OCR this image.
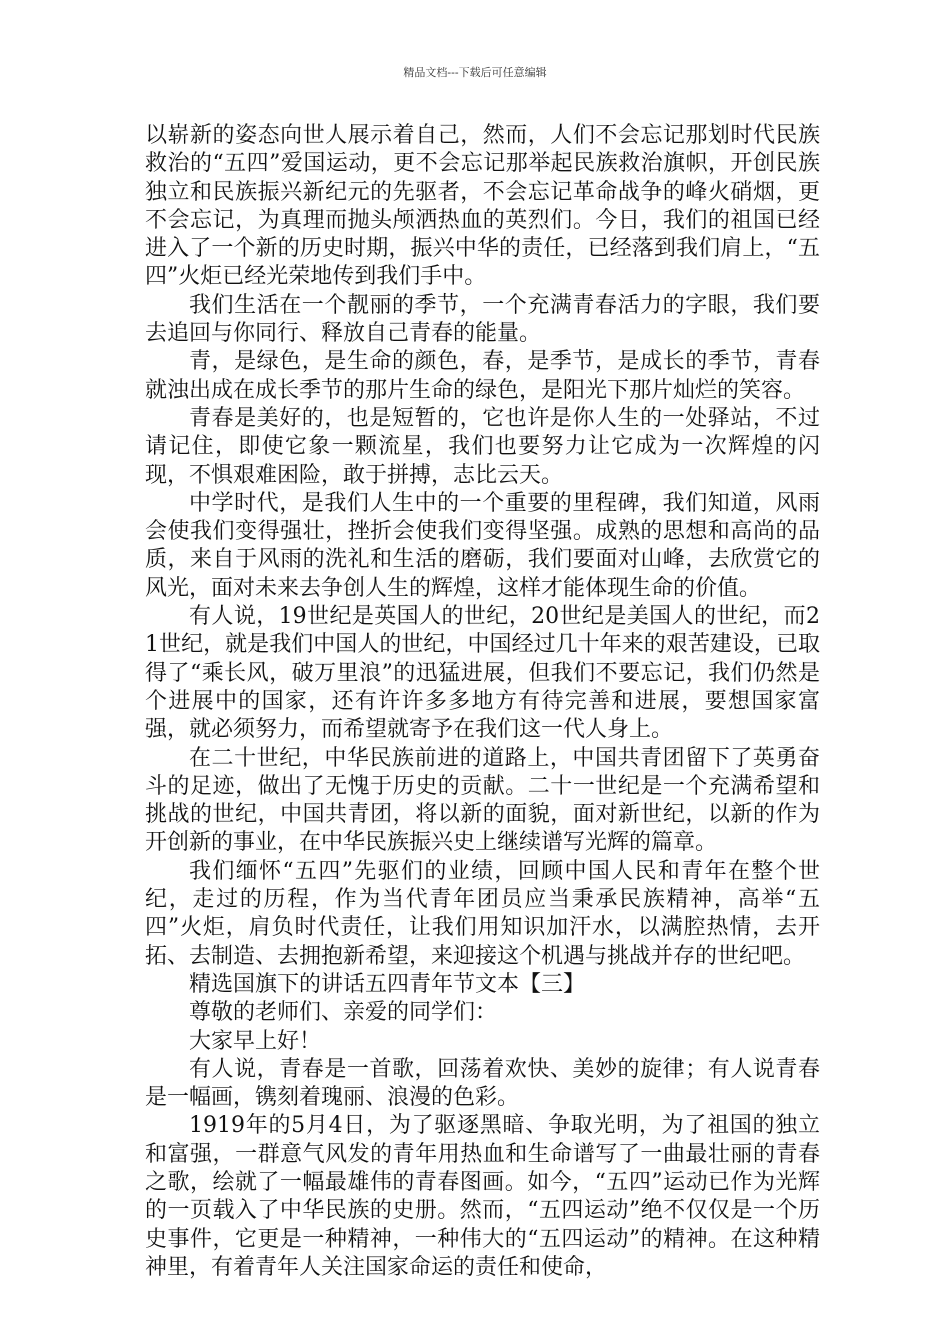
精品文档---下载后可任意编辑

以崭新的姿态向世人展示着自己，然而，人们不会忘记那划时代民族救治的“五四”爱国运动，更不会忘记那举起民族救治旗帜，开创民族独立和民族振兴新纪元的先驱者，不会忘记革命战争的峰火硝烟，更不会忘记，为真理而抛头颅洒热血的英烈们。今日，我们的祖国已经进入了一个新的历史时期，振兴中华的责任，已经落到我们肩上，“五四”火炬已经光荣地传到我们手中。

我们生活在一个靓丽的季节，一个充满青春活力的字眼，我们要去追回与你同行、释放自己青春的能量。

青，是绿色，是生命的颜色，春，是季节，是成长的季节，青春就浊出成在成长季节的那片生命的绿色，是阳光下那片灿烂的笑容。

青春是美好的，也是短暂的，它也许是你人生的一处驿站，不过请记住，即使它象一颗流星，我们也要努力让它成为一次辉煌的闪现，不惧艰难困险，敢于拼搏，志比云天。

中学时代，是我们人生中的一个重要的里程碑，我们知道，风雨会使我们变得强壮，挫折会使我们变得坚强。成熟的思想和高尚的品质，来自于风雨的洗礼和生活的磨砺，我们要面对山峰，去欣赏它的风光，面对未来去争创人生的辉煌，这样才能体现生命的价值。

有人说，19世纪是英国人的世纪，20世纪是美国人的世纪，而21世纪，就是我们中国人的世纪，中国经过几十年来的艰苦建设，已取得了“乘长风，破万里浪”的迅猛进展，但我们不要忘记，我们仍然是个进展中的国家，还有许许多多地方有待完善和进展，要想国家富强，就必须努力，而希望就寄予在我们这一代人身上。

在二十世纪，中华民族前进的道路上，中国共青团留下了英勇奋斗的足迹，做出了无愧于历史的贡献。二十一世纪是一个充满希望和挑战的世纪，中国共青团，将以新的面貌，面对新世纪，以新的作为开创新的事业，在中华民族振兴史上继续谱写光辉的篇章。

我们缅怀“五四”先驱们的业绩，回顾中国人民和青年在整个世纪，走过的历程，作为当代青年团员应当秉承民族精神，高举“五四”火炬，肩负时代责任，让我们用知识加汗水，以满腔热情，去开拓、去制造、去拥抱新希望，来迎接这个机遇与挑战并存的世纪吧。

精选国旗下的讲话五四青年节文本【三】

尊敬的老师们、亲爱的同学们：

大家早上好！

有人说，青春是一首歌，回荡着欢快、美妙的旋律；有人说青春是一幅画，镌刻着瑰丽、浪漫的色彩。

1919年的5月4日，为了驱逐黑暗、争取光明，为了祖国的独立和富强，一群意气风发的青年用热血和生命谱写了一曲最壮丽的青春之歌，绘就了一幅最雄伟的青春图画。如今，“五四”运动已作为光辉的一页载入了中华民族的史册。然而，“五四运动”绝不仅仅是一个历史事件，它更是一种精神，一种伟大的“五四运动”的精神。在这种精神里，有着青年人关注国家命运的责任和使命，
